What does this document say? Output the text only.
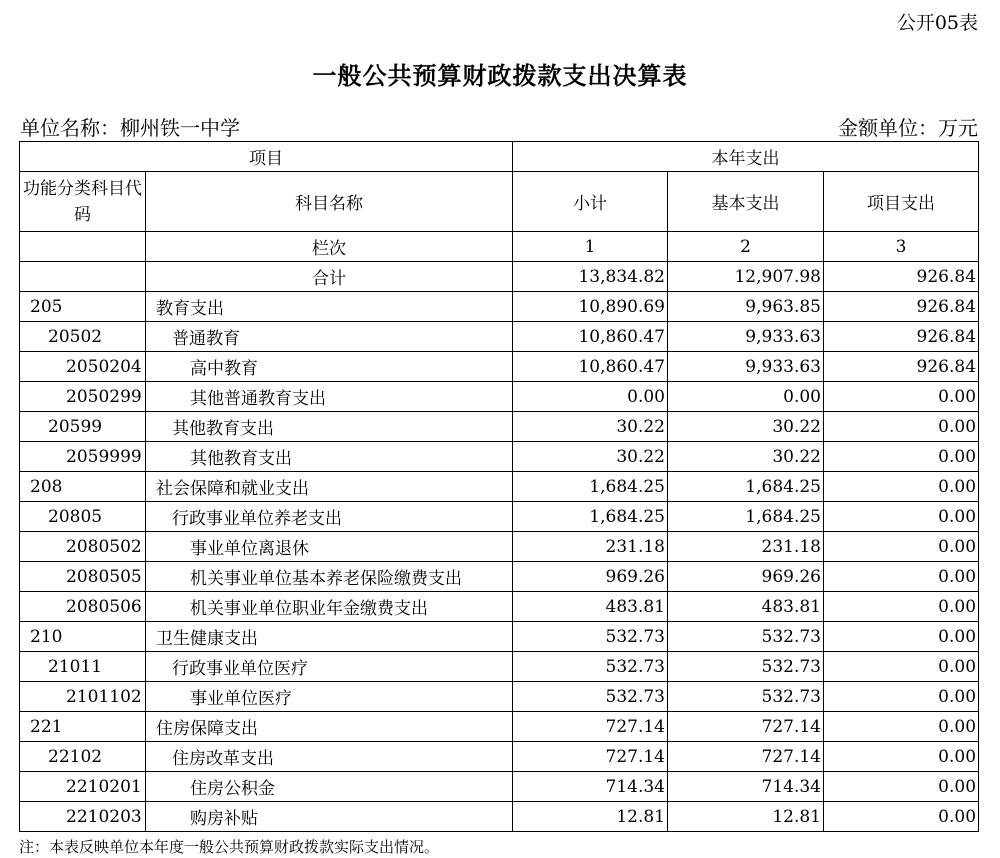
公开05表
一般公共预算财政拨款支出决算表
单位名称：柳州铁一中学	金额单位：万元
项目		本年支出		
功能分类科目代码	科目名称	小计	基本支出	项目支出
	栏次	1	2	3
	合计	13,834.82	12,907.98	926.84
205	教育支出	10,890.69	9,963.85	926.84
20502	普通教育	10,860.47	9,933.63	926.84
2050204	高中教育	10,860.47	9,933.63	926.84
2050299	其他普通教育支出	0.00	0.00	0.00
20599	其他教育支出	30.22	30.22	0.00
2059999	其他教育支出	30.22	30.22	0.00
208	社会保障和就业支出	1,684.25	1,684.25	0.00
20805	行政事业单位养老支出	1,684.25	1,684.25	0.00
2080502	事业单位离退休	231.18	231.18	0.00
2080505	机关事业单位基本养老保险缴费支出	969.26	969.26	0.00
2080506	机关事业单位职业年金缴费支出	483.81	483.81	0.00
210	卫生健康支出	532.73	532.73	0.00
21011	行政事业单位医疗	532.73	532.73	0.00
2101102	事业单位医疗	532.73	532.73	0.00
221	住房保障支出	727.14	727.14	0.00
22102	住房改革支出	727.14	727.14	0.00
2210201	住房公积金	714.34	714.34	0.00
2210203	购房补贴	12.81	12.81	0.00
注：本表反映单位本年度一般公共预算财政拨款实际支出情况。
